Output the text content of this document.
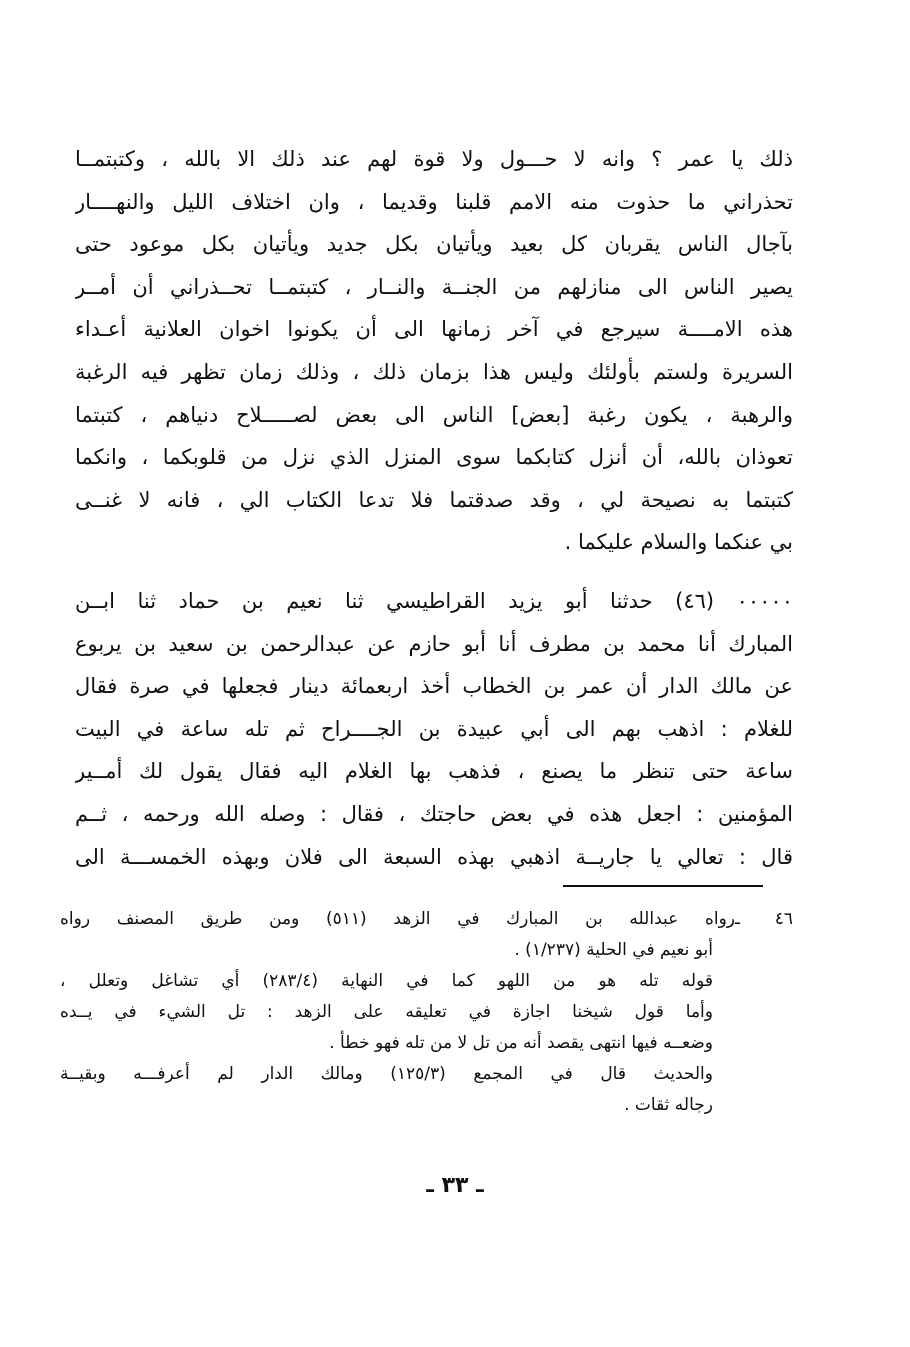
ذلك يا عمر ؟ وانه لا حـــول ولا قوة لهم عند ذلك الا بالله ، وكتبتمــا
تحذراني ما حذوت منه الامم قلبنا وقديما ، وان اختلاف الليل والنهــــار
بآجال الناس يقربان كل بعيد ويأتيان بكل جديد ويأتيان بكل موعود حتى
يصير الناس الى منازلهم من الجنــة والنــار ، كتبتمــا تحــذراني أن أمــر
هذه الامــــة سيرجع في آخر زمانها الى أن يكونوا اخوان العلانية أعـداء
السريرة ولستم بأولئك وليس هذا بزمان ذلك ، وذلك زمان تظهر فيه الرغبة
والرهبة ، يكون رغبة [بعض] الناس الى بعض لصـــــلاح دنياهم ، كتبتما
تعوذان بالله، أن أنزل كتابكما سوى المنزل الذي نزل من قلوبكما ، وانكما
كتبتما به نصيحة لي ، وقد صدقتما فلا تدعا الكتاب الي ، فانه لا غنــى
بي عنكما والسلام عليكما .
٠٠٠٠٠ (٤٦) حدثنا أبو يزيد القراطيسي ثنا نعيم بن حماد ثنا ابــن
المبارك أنا محمد بن مطرف أنا أبو حازم عن عبدالرحمن بن سعيد بن يربوع
عن مالك الدار أن عمر بن الخطاب أخذ اربعمائة دينار فجعلها في صرة فقال
للغلام : اذهب بهم الى أبي عبيدة بن الجــــراح ثم تله ساعة في البيت
ساعة حتى تنظر ما يصنع ، فذهب بها الغلام اليه فقال يقول لك أمــير
المؤمنين : اجعل هذه في بعض حاجتك ، فقال : وصله الله ورحمه ، ثــم
قال : تعالي يا جاريــة اذهبي بهذه السبعة الى فلان وبهذه الخمســـة الى
٤٦ ـ
رواه عبدالله بن المبارك في الزهد (٥١١) ومن طريق المصنف رواه
أبو نعيم في الحلية (١/٢٣٧) .
قوله تله هو من اللهو كما في النهاية (٢٨٣/٤) أي تشاغل وتعلل ،
وأما قول شيخنا اجازة في تعليقه على الزهد : تل الشيء في يــده
وضعــه فيها انتهى يقصد أنه من تل لا من تله فهو خطأ .
والحديث قال في المجمع (١٢٥/٣) ومالك الدار لم أعرفـــه وبقيــة
رجاله ثقات .
ـ ٣٣ ـ
